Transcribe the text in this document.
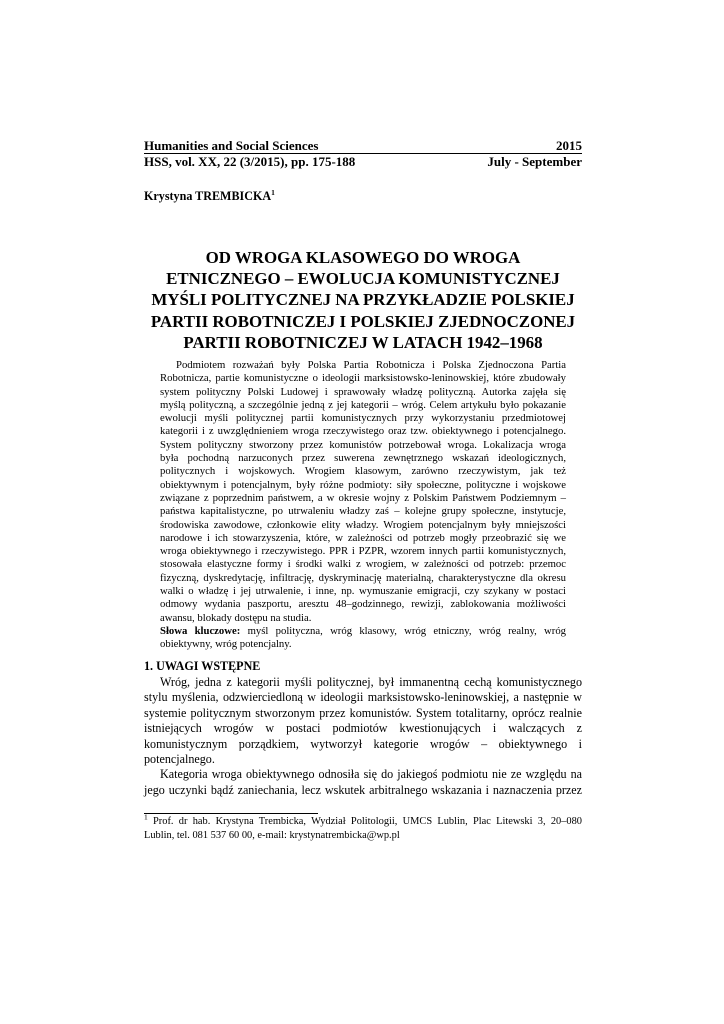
Humanities and Social Sciences	2015
HSS, vol. XX, 22 (3/2015), pp. 175-188	July - September
Krystyna TREMBICKA$^1$
OD WROGA KLASOWEGO DO WROGA
ETNICZNEGO – EWOLUCJA KOMUNISTYCZNEJ
MYŚLI POLITYCZNEJ NA PRZYKŁADZIE POLSKIEJ
PARTII ROBOTNICZEJ I POLSKIEJ ZJEDNOCZONEJ
PARTII ROBOTNICZEJ W LATACH 1942–1968
Podmiotem rozważań były Polska Partia Robotnicza i Polska Zjednoczona Partia
Robotnicza, partie komunistyczne o ideologii marksistowsko-leninowskiej, które zbudowały
system polityczny Polski Ludowej i sprawowały władzę polityczną. Autorka zajęła się
myślą polityczną, a szczególnie jedną z jej kategorii – wróg. Celem artykułu było pokazanie
ewolucji myśli politycznej partii komunistycznych przy wykorzystaniu przedmiotowej
kategorii i z uwzględnieniem wroga rzeczywistego oraz tzw. obiektywnego i potencjalnego.
System polityczny stworzony przez komunistów potrzebował wroga. Lokalizacja wroga
była pochodną narzuconych przez suwerena zewnętrznego wskazań ideologicznych,
politycznych i wojskowych. Wrogiem klasowym, zarówno rzeczywistym, jak też
obiektywnym i potencjalnym, były różne podmioty: siły społeczne, polityczne i wojskowe
związane z poprzednim państwem, a w okresie wojny z Polskim Państwem Podziemnym –
państwa kapitalistyczne, po utrwaleniu władzy zaś – kolejne grupy społeczne, instytucje,
środowiska zawodowe, członkowie elity władzy. Wrogiem potencjalnym były mniejszości
narodowe i ich stowarzyszenia, które, w zależności od potrzeb mogły przeobrazić się we
wroga obiektywnego i rzeczywistego. PPR i PZPR, wzorem innych partii komunistycznych,
stosowała elastyczne formy i środki walki z wrogiem, w zależności od potrzeb: przemoc
fizyczną, dyskredytację, infiltrację, dyskryminację materialną, charakterystyczne dla okresu
walki o władzę i jej utrwalenie, i inne, np. wymuszanie emigracji, czy szykany w postaci
odmowy wydania paszportu, aresztu 48–godzinnego, rewizji, zablokowania możliwości
awansu, blokady dostępu na studia.
Słowa kluczowe: myśl polityczna, wróg klasowy, wróg etniczny, wróg realny, wróg
obiektywny, wróg potencjalny.
1. UWAGI WSTĘPNE
Wróg, jedna z kategorii myśli politycznej, był immanentną cechą komunistycznego
stylu myślenia, odzwierciedloną w ideologii marksistowsko-leninowskiej, a następnie w
systemie politycznym stworzonym przez komunistów. System totalitarny, oprócz realnie
istniejących wrogów w postaci podmiotów kwestionujących i walczących z
komunistycznym porządkiem, wytworzył kategorie wrogów – obiektywnego i
potencjalnego.
Kategoria wroga obiektywnego odnosiła się do jakiegoś podmiotu nie ze względu na
jego uczynki bądź zaniechania, lecz wskutek arbitralnego wskazania i naznaczenia przez
$^1$ Prof. dr hab. Krystyna Trembicka, Wydział Politologii, UMCS Lublin, Plac Litewski 3, 20–080
Lublin, tel. 081 537 60 00, e-mail: krystynatrembicka@wp.pl
